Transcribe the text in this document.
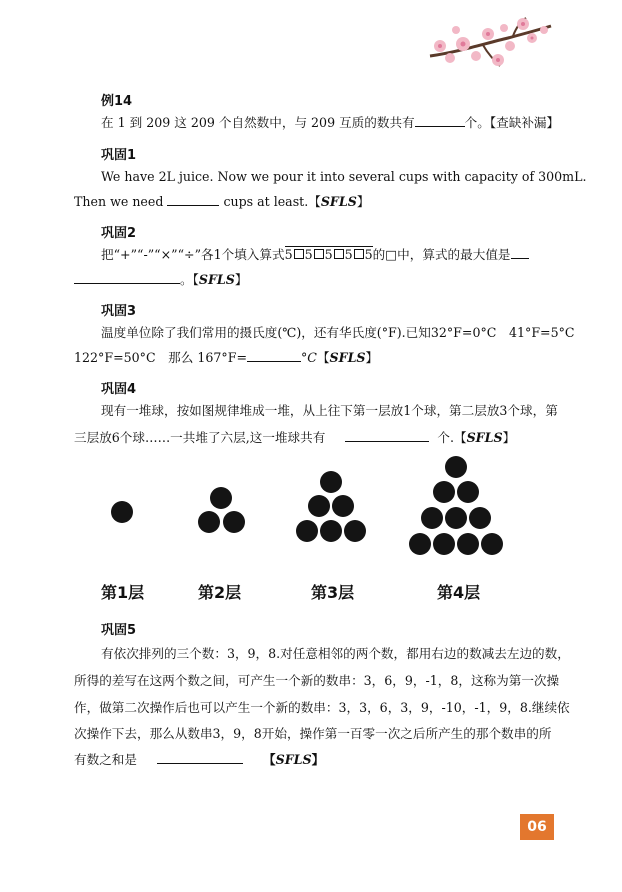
例14
在 1 到 209 这 209 个自然数中，与 209 互质的数共有	个。【查缺补漏】
巩固1
We have 2L juice. Now we pour it into several cups with capacity of 300mL.
Then we need	cups at least.【SFLS】
巩固2
把“+”“-”“×”“÷”各1个填入算式5 5 5 5 5的□中，算式的最大值是
。【SFLS】
巩固3
温度单位除了我们常用的摄氏度(℃)，还有华氏度(°F).已知32°F=0°C　41°F=5°C
122°F=50°C　那么 167°F=	°C【SFLS】
巩固4
现有一堆球，按如图规律堆成一堆，从上往下第一层放1个球，第二层放3个球，第
三层放6个球……一共堆了六层,这一堆球共有	个.【SFLS】
第1层	第2层	第3层	第4层
巩固5
有依次排列的三个数：3，9，8.对任意相邻的两个数，都用右边的数减去左边的数，
所得的差写在这两个数之间，可产生一个新的数串：3，6，9，-1，8，这称为第一次操
作，做第二次操作后也可以产生一个新的数串：3，3，6，3，9，-10，-1，9，8.继续依
次操作下去，那么从数串3，9，8开始，操作第一百零一次之后所产生的那个数串的所
有数之和是	【SFLS】
06
